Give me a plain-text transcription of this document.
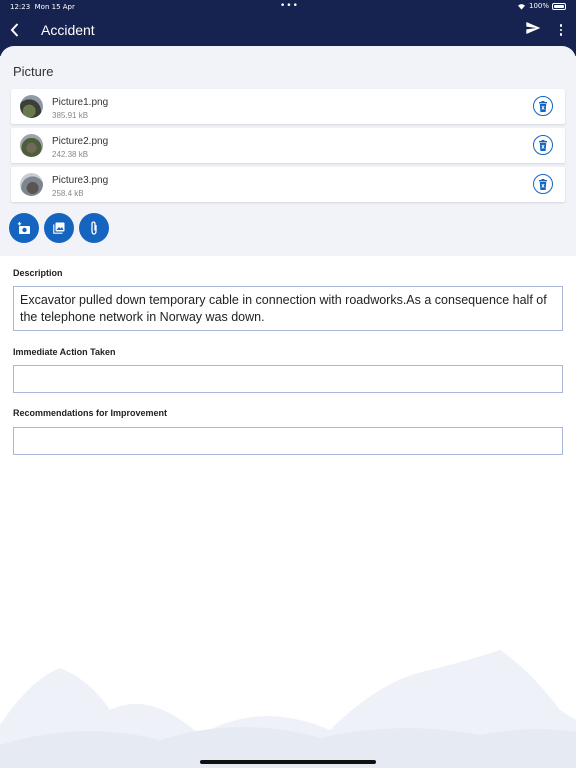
12:23 Mon 15 Apr	•••	100%
Accident
Picture
Picture1.png
385.91 kB
Picture2.png
242.38 kB
Picture3.png
258.4 kB
Description
Excavator pulled down temporary cable in connection with roadworks.As a consequence half of the telephone network in Norway was down.
Immediate Action Taken
Recommendations for Improvement
